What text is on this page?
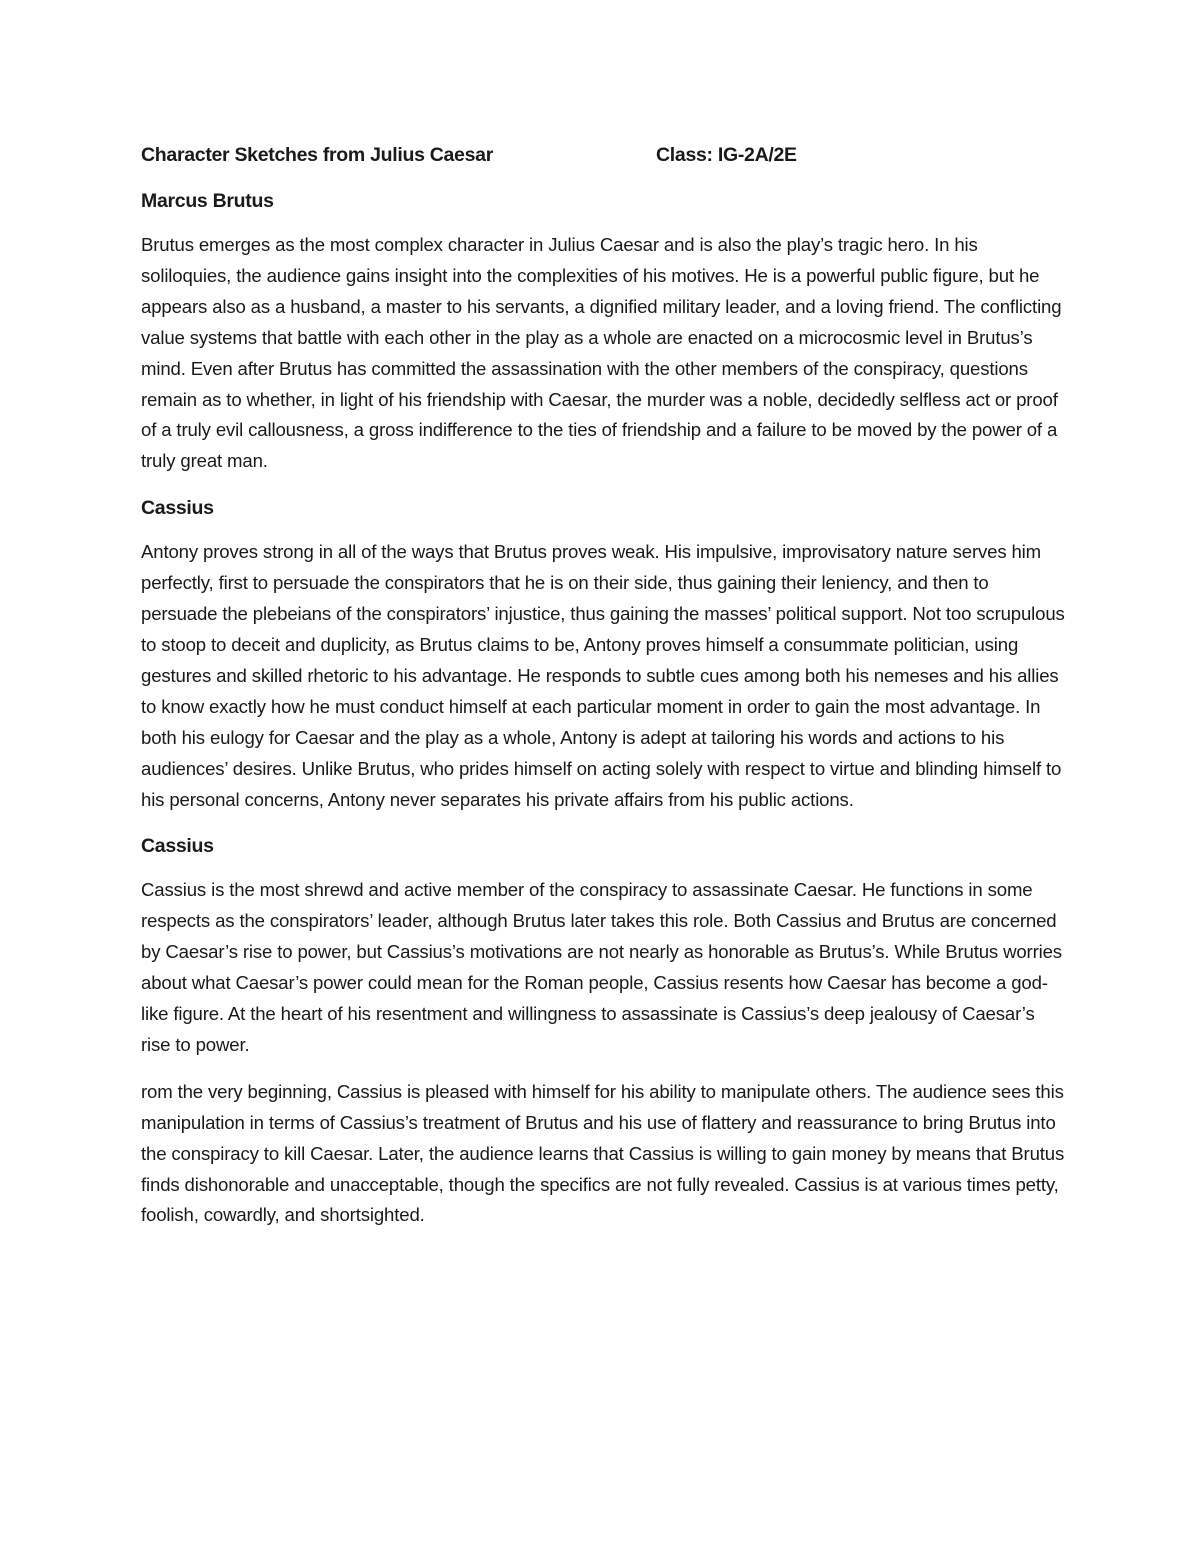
Character Sketches from Julius Caesar	Class: IG-2A/2E
Marcus Brutus

Brutus emerges as the most complex character in Julius Caesar and is also the play’s tragic hero. In his soliloquies, the audience gains insight into the complexities of his motives. He is a powerful public figure, but he appears also as a husband, a master to his servants, a dignified military leader, and a loving friend. The conflicting value systems that battle with each other in the play as a whole are enacted on a microcosmic level in Brutus’s mind. Even after Brutus has committed the assassination with the other members of the conspiracy, questions remain as to whether, in light of his friendship with Caesar, the murder was a noble, decidedly selfless act or proof of a truly evil callousness, a gross indifference to the ties of friendship and a failure to be moved by the power of a truly great man.

Cassius

Antony proves strong in all of the ways that Brutus proves weak. His impulsive, improvisatory nature serves him perfectly, first to persuade the conspirators that he is on their side, thus gaining their leniency, and then to persuade the plebeians of the conspirators’ injustice, thus gaining the masses’ political support. Not too scrupulous to stoop to deceit and duplicity, as Brutus claims to be, Antony proves himself a consummate politician, using gestures and skilled rhetoric to his advantage. He responds to subtle cues among both his nemeses and his allies to know exactly how he must conduct himself at each particular moment in order to gain the most advantage. In both his eulogy for Caesar and the play as a whole, Antony is adept at tailoring his words and actions to his audiences’ desires. Unlike Brutus, who prides himself on acting solely with respect to virtue and blinding himself to his personal concerns, Antony never separates his private affairs from his public actions.

Cassius

Cassius is the most shrewd and active member of the conspiracy to assassinate Caesar. He functions in some respects as the conspirators’ leader, although Brutus later takes this role. Both Cassius and Brutus are concerned by Caesar’s rise to power, but Cassius’s motivations are not nearly as honorable as Brutus’s. While Brutus worries about what Caesar’s power could mean for the Roman people, Cassius resents how Caesar has become a god-like figure. At the heart of his resentment and willingness to assassinate is Cassius’s deep jealousy of Caesar’s rise to power.

rom the very beginning, Cassius is pleased with himself for his ability to manipulate others. The audience sees this manipulation in terms of Cassius’s treatment of Brutus and his use of flattery and reassurance to bring Brutus into the conspiracy to kill Caesar. Later, the audience learns that Cassius is willing to gain money by means that Brutus finds dishonorable and unacceptable, though the specifics are not fully revealed. Cassius is at various times petty, foolish, cowardly, and shortsighted.
